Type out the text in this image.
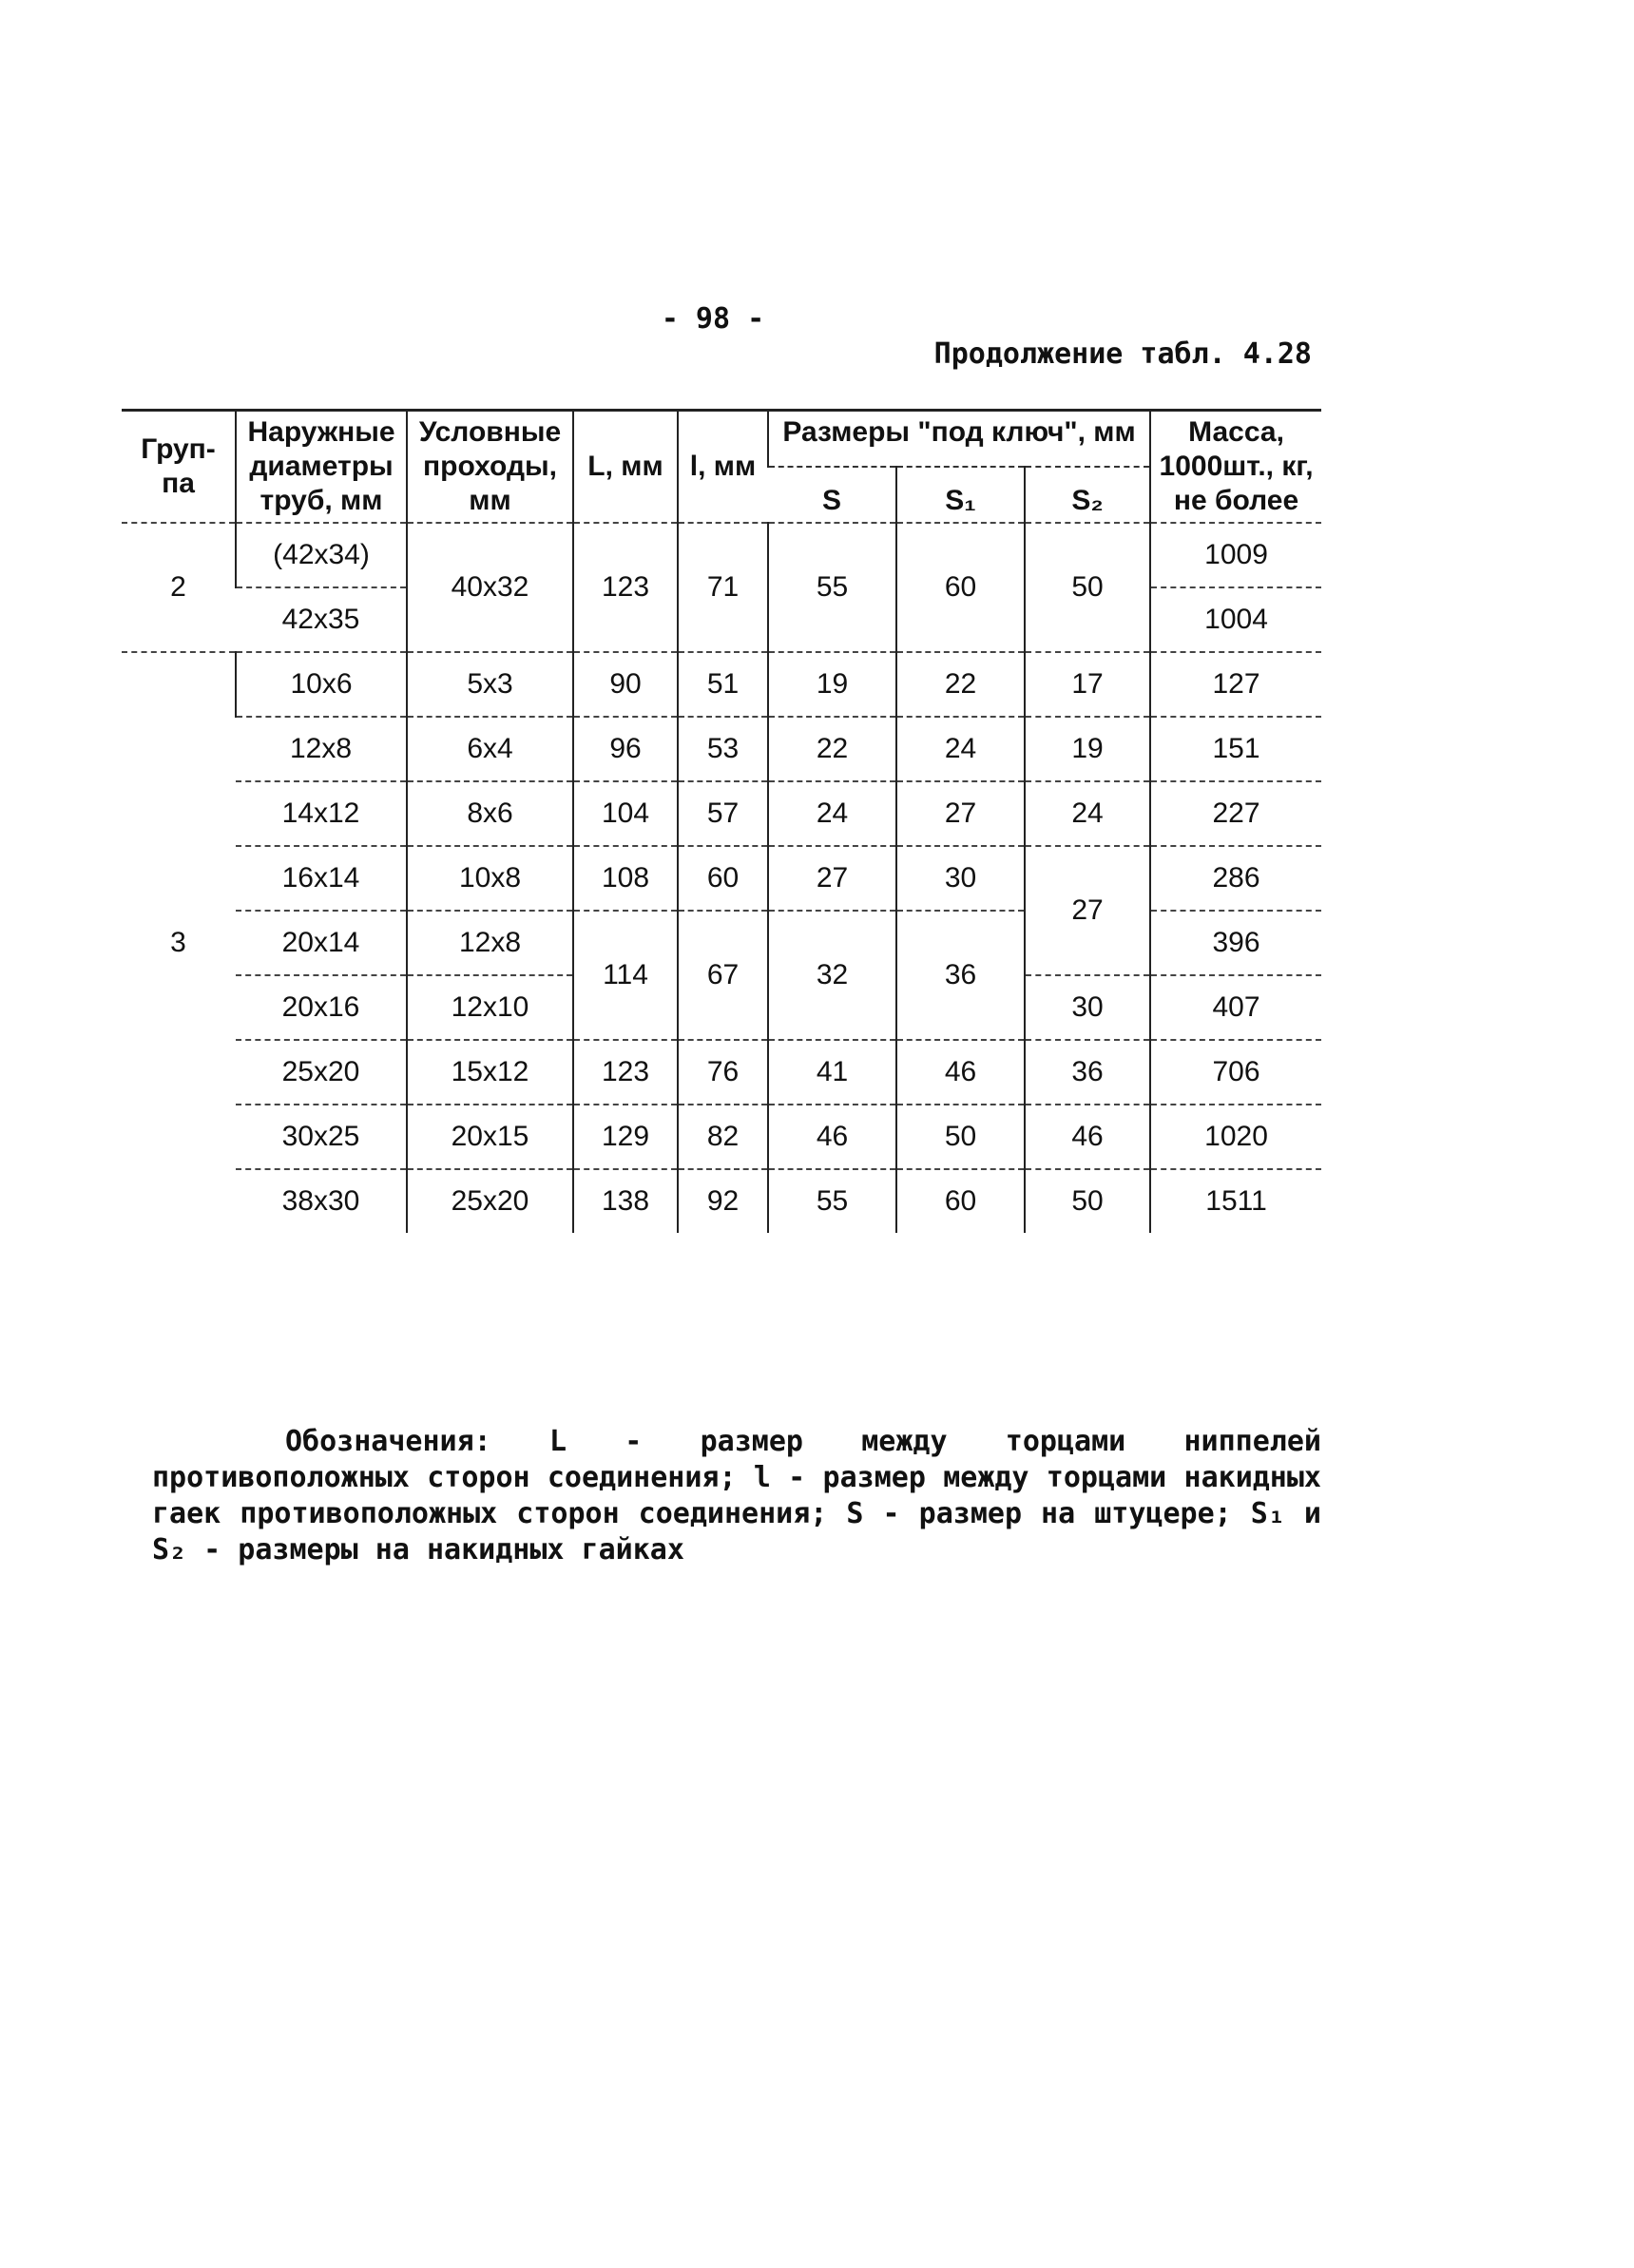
- 98 -
Продолжение табл. 4.28
Груп-па	Наружные диаметры труб, мм	Условные проходы, мм	L, мм	l, мм	Размеры "под ключ", мм			Масса, 1000шт., кг, не более
					S	S₁	S₂	
2	(42x34)	40x32	123	71	55	60	50	1009
	42x35							1004
3	10x6	5x3	90	51	19	22	17	127
	12x8	6x4	96	53	22	24	19	151
	14x12	8x6	104	57	24	27	24	227
	16x14	10x8	108	60	27	30	27	286
	20x14	12x8	114	67	32	36		396
	20x16	12x10					30	407
	25x20	15x12	123	76	41	46	36	706
	30x25	20x15	129	82	46	50	46	1020
	38x30	25x20	138	92	55	60	50	1511

Обозначения: L - размер между торцами ниппелей противоположных сторон соединения; l - размер между торцами накидных гаек противоположных сторон соединения; S - размер на штуцере; S₁ и S₂ - размеры на накидных гайках
